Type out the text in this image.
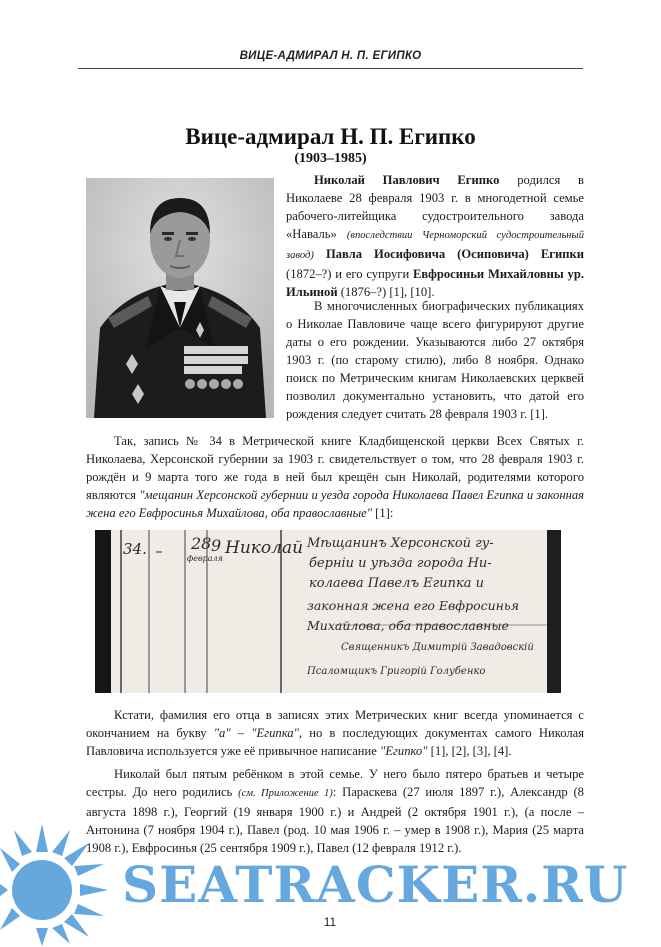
ВИЦЕ-АДМИРАЛ Н. П. ЕГИПКО
Вице-адмирал Н. П. Египко
(1903–1985)

Николай Павлович Египко родился в Николаеве 28 февраля 1903 г. в многодетной семье рабочего-литейщика судостроительного завода «Наваль» (впоследствии Черноморский судостроительный завод) Павла Иосифовича (Осиповича) Египки (1872–?) и его супруги Евфросиньи Михайловны ур. Ильиной (1876–?) [1], [10].

В многочисленных биографических публикациях о Николае Павловиче чаще всего фигурируют другие даты о его рождении. Указываются либо 27 октября 1903 г. (по старому стилю), либо 8 ноября. Однако поиск по Метрическим книгам Николаевских церквей позволил документально установить, что датой его рождения следует считать 28 февраля 1903 г. [1].

Так, запись № 34 в Метрической книге Кладбищенской церкви Всех Святых г. Николаева, Херсонской губернии за 1903 г. свидетельствует о том, что 28 февраля 1903 г. рождён и 9 марта того же года в ней был крещён сын Николай, родителями которого являются "мещанин Херсонской губернии и уезда города Николаева Павел Египка и законная жена его Евфросинья Михайлова, оба православные" [1]:

34. – 28
февраля
9 Николай Мѣщанинъ Херсонской гу-
берніи и уѣзда города Ни-
колаева Павелъ Египка и
законная жена его Евфросинья
Михайлова, оба православные
Священникъ Димитрій Завадовскій
Псаломщикъ Григорій Голубенко

Кстати, фамилия его отца в записях этих Метрических книг всегда упоминается с окончанием на букву "а" – "Египка", но в последующих документах самого Николая Павловича используется уже её привычное написание "Египко" [1], [2], [3], [4].

Николай был пятым ребёнком в этой семье. У него было пятеро братьев и четыре сестры. До него родились (см. Приложение 1): Параскева (27 июля 1897 г.), Александр (8 августа 1898 г.), Георгий (19 января 1900 г.) и Андрей (2 октября 1901 г.), (а после – Антонина (7 ноября 1904 г.), Павел (род. 10 мая 1906 г. – умер в 1908 г.), Мария (25 марта 1908 г.), Евфросинья (25 сентября 1909 г.), Павел (12 февраля 1912 г.).

SEATRACKER.RU
11
